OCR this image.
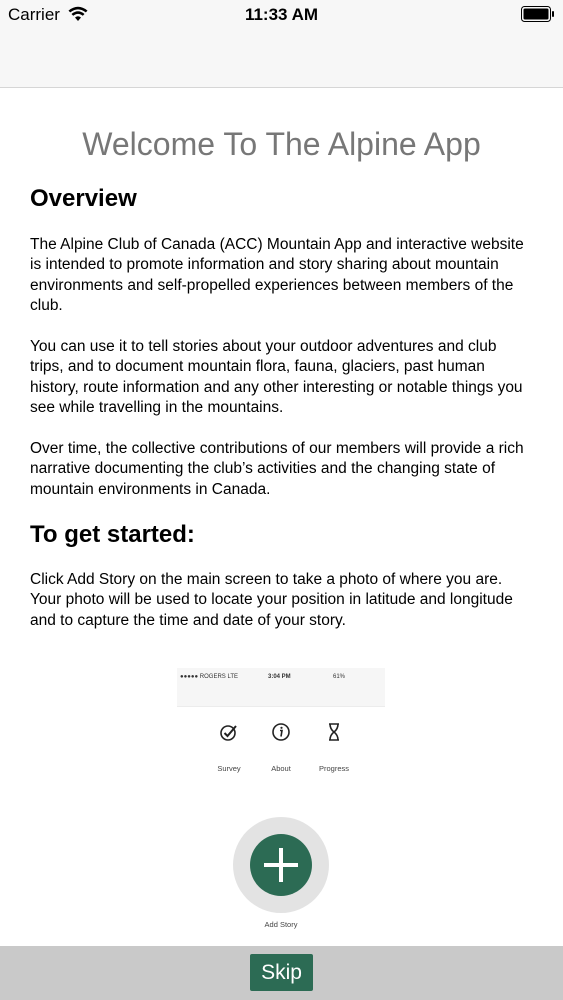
Carrier	11:33 AM
Welcome To The Alpine App
Overview
The Alpine Club of Canada (ACC) Mountain App and interactive website is intended to promote information and story sharing about mountain environments and self-propelled experiences between members of the club.
You can use it to tell stories about your outdoor adventures and club trips, and to document mountain flora, fauna, glaciers, past human history, route information and any other interesting or notable things you see while travelling in the mountains.
Over time, the collective contributions of our members will provide a rich narrative documenting the club’s activities and the changing state of mountain environments in Canada.
To get started:
Click Add Story on the main screen to take a photo of where you are. Your photo will be used to locate your position in latitude and longitude and to capture the time and date of your story.
●●●●● ROGERS LTE	3:04 PM	61%
Survey	About	Progress
Add Story
Skip
